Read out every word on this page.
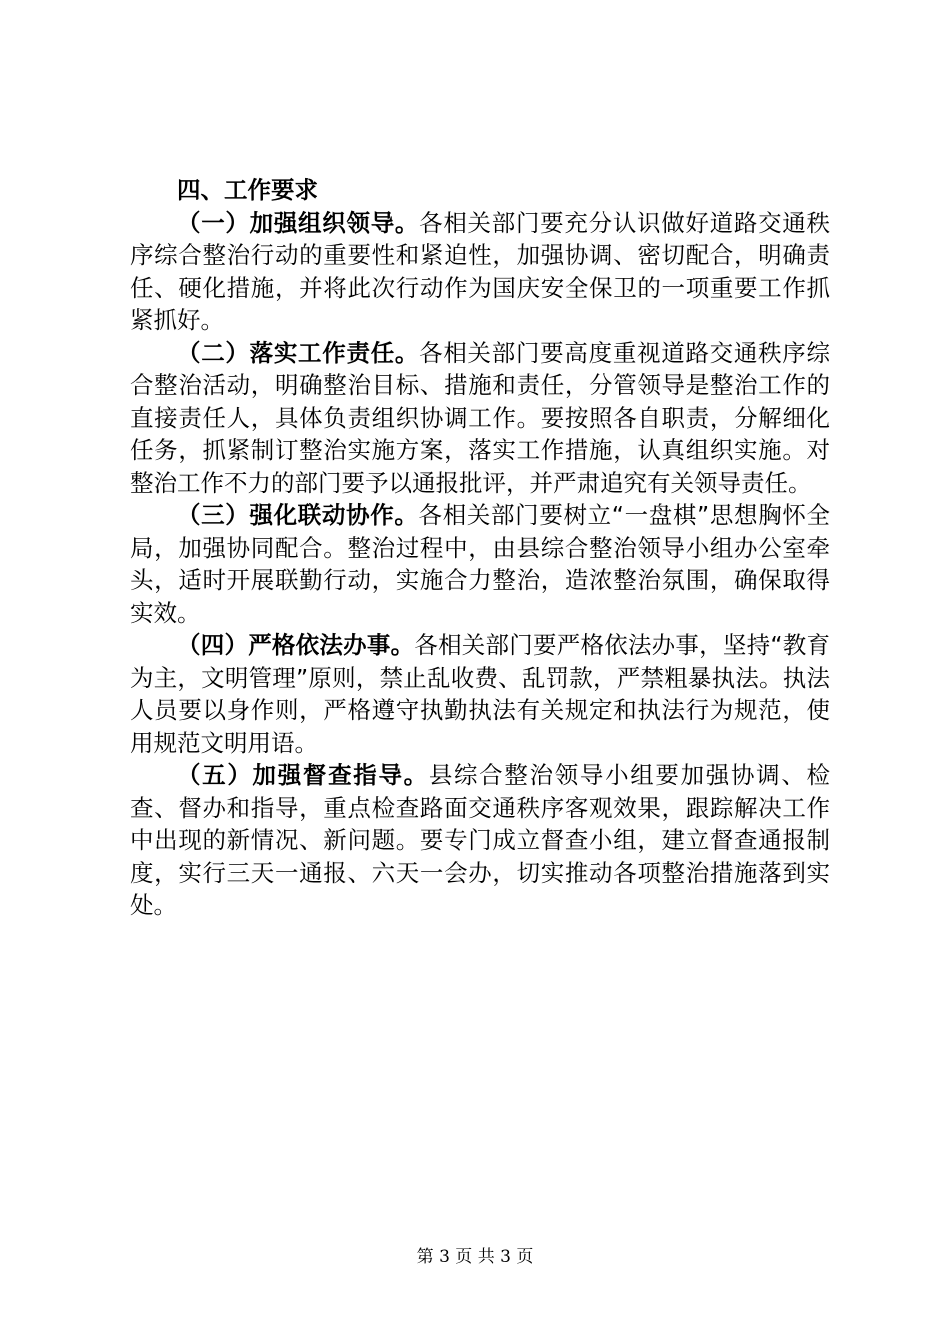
四、工作要求

（一）加强组织领导。各相关部门要充分认识做好道路交通秩序综合整治行动的重要性和紧迫性，加强协调、密切配合，明确责任、硬化措施，并将此次行动作为国庆安全保卫的一项重要工作抓紧抓好。

（二）落实工作责任。各相关部门要高度重视道路交通秩序综合整治活动，明确整治目标、措施和责任，分管领导是整治工作的直接责任人，具体负责组织协调工作。要按照各自职责，分解细化任务，抓紧制订整治实施方案，落实工作措施，认真组织实施。对整治工作不力的部门要予以通报批评，并严肃追究有关领导责任。

（三）强化联动协作。各相关部门要树立“一盘棋”思想胸怀全局，加强协同配合。整治过程中，由县综合整治领导小组办公室牵头，适时开展联勤行动，实施合力整治，造浓整治氛围，确保取得实效。

（四）严格依法办事。各相关部门要严格依法办事，坚持“教育为主，文明管理”原则，禁止乱收费、乱罚款，严禁粗暴执法。执法人员要以身作则，严格遵守执勤执法有关规定和执法行为规范，使用规范文明用语。

（五）加强督查指导。县综合整治领导小组要加强协调、检查、督办和指导，重点检查路面交通秩序客观效果，跟踪解决工作中出现的新情况、新问题。要专门成立督查小组，建立督查通报制度，实行三天一通报、六天一会办，切实推动各项整治措施落到实处。

第 3 页 共 3 页
